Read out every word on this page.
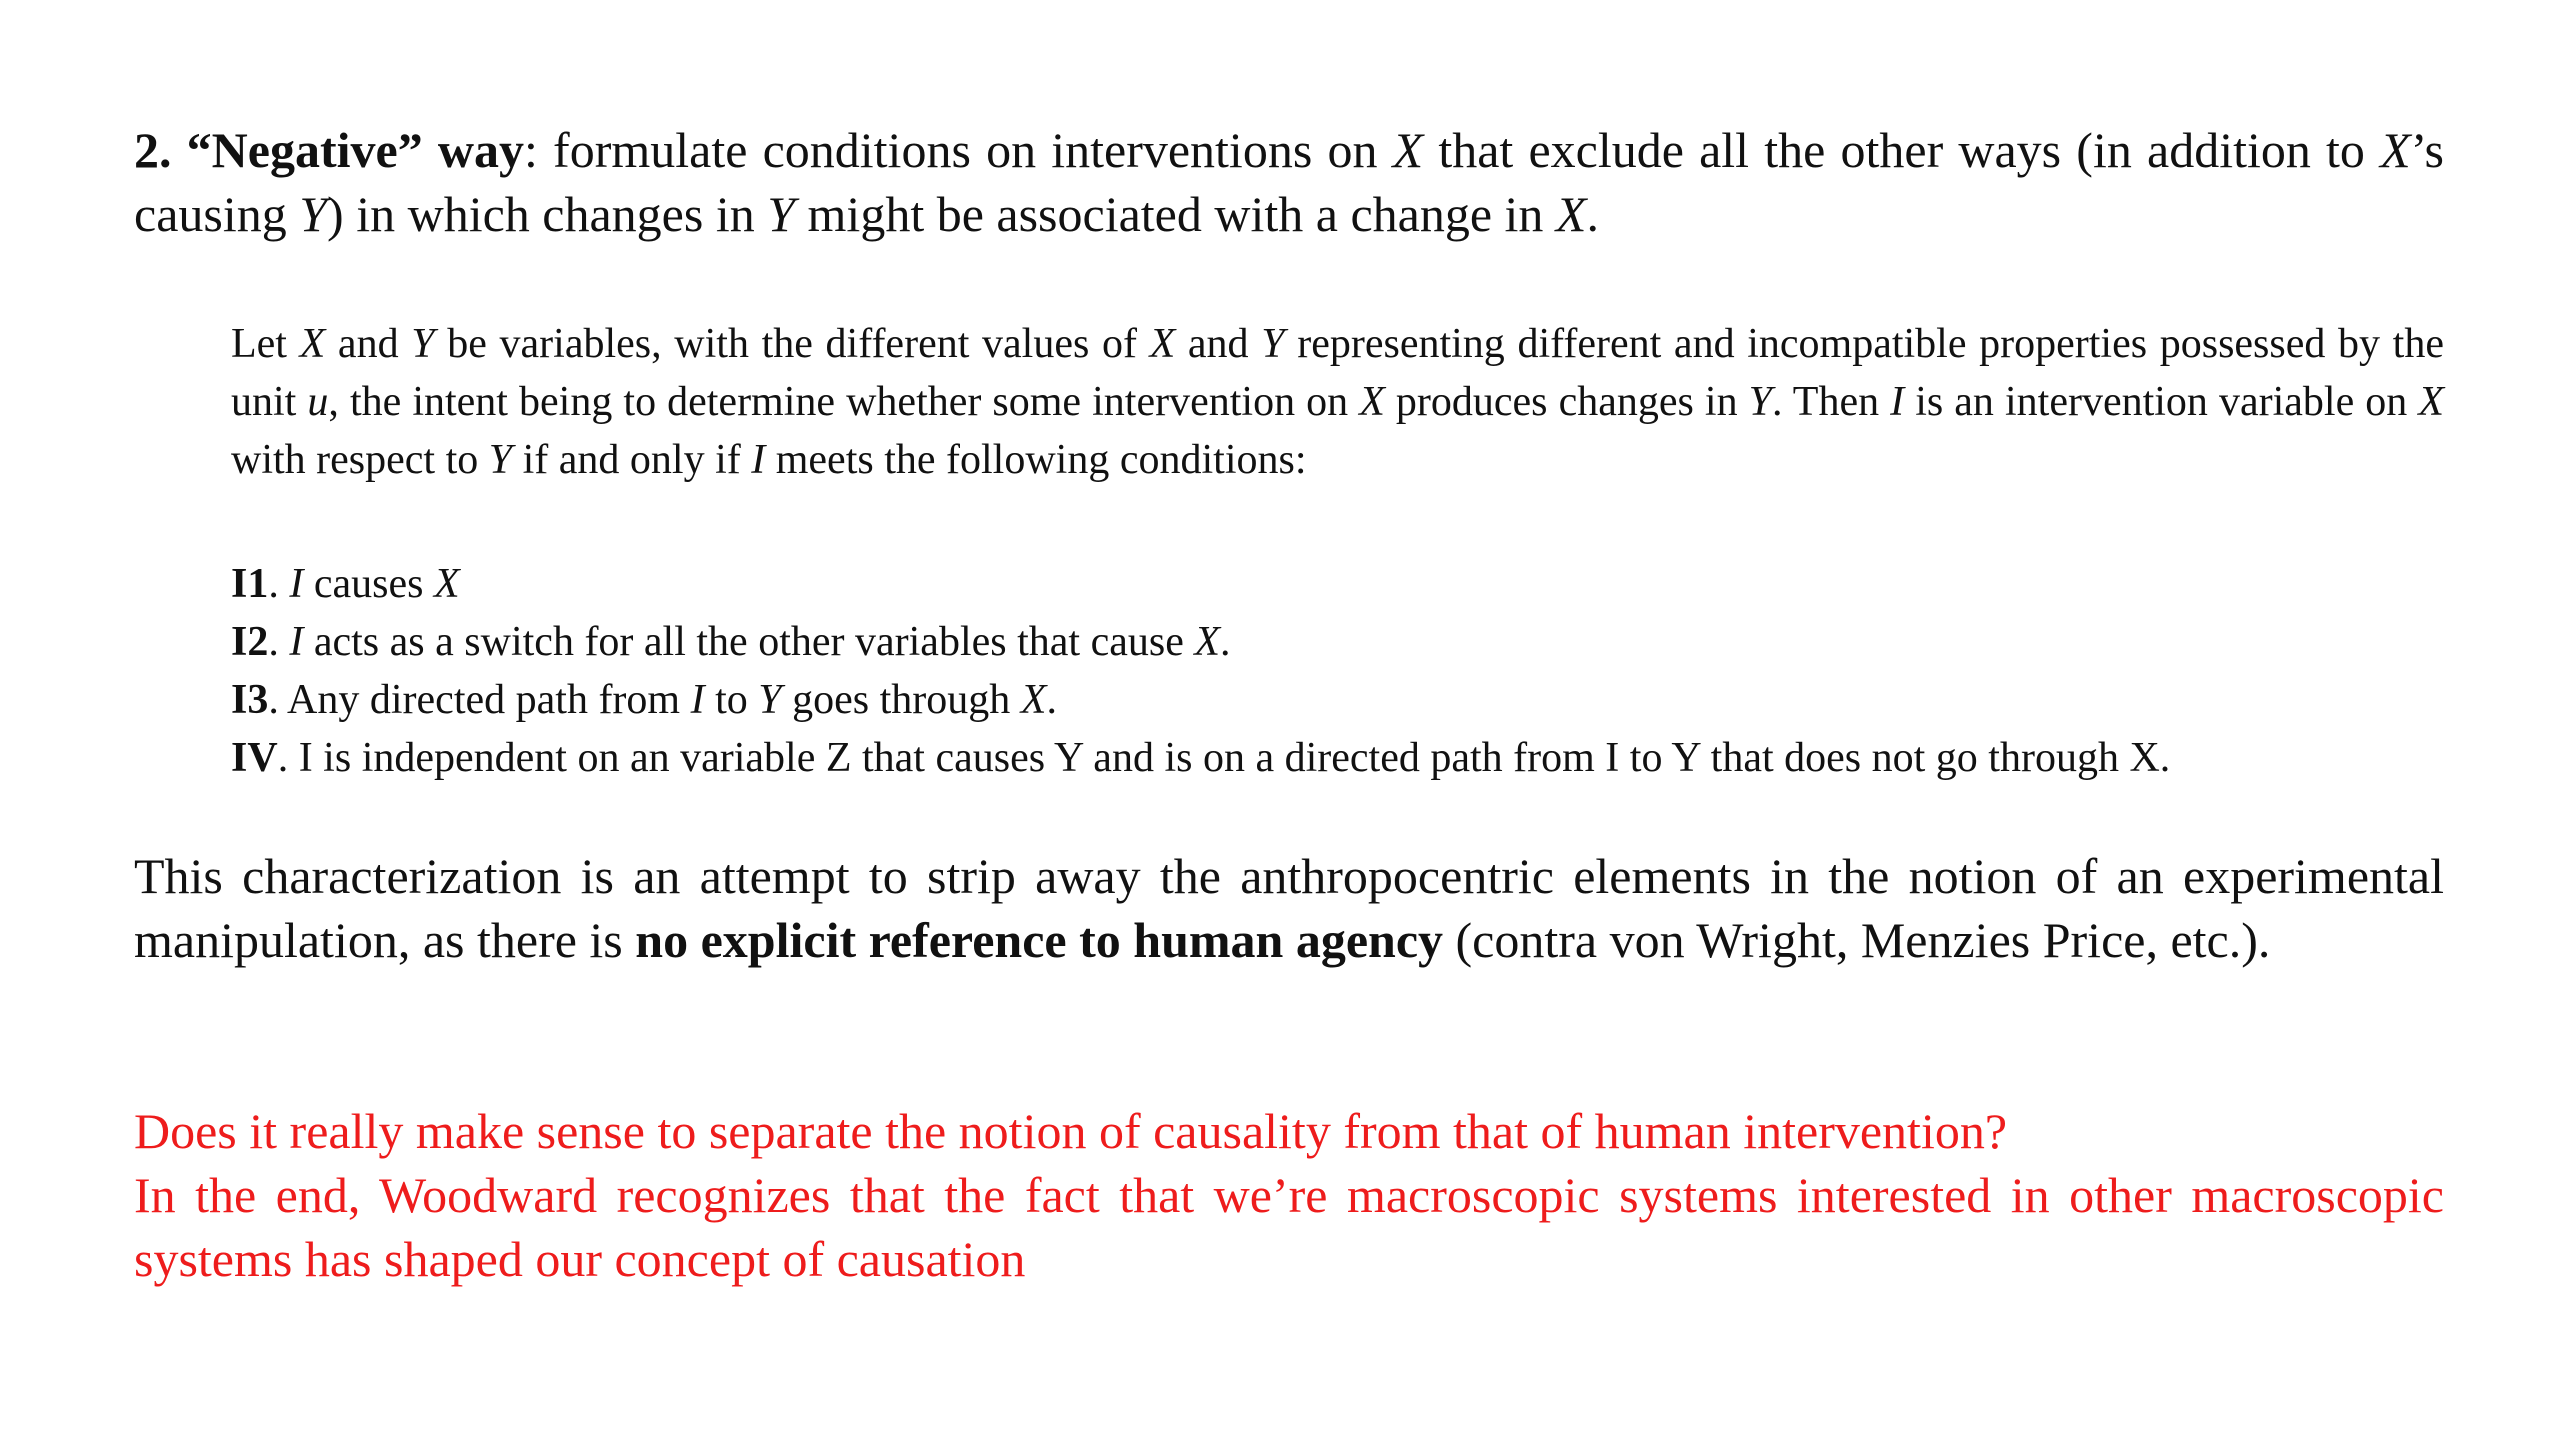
2. “Negative” way: formulate conditions on interventions on X that exclude all the other ways (in addition to X’s causing Y) in which changes in Y might be associated with a change in X.

Let X and Y be variables, with the different values of X and Y representing different and incompatible properties possessed by the unit u, the intent being to determine whether some intervention on X produces changes in Y. Then I is an intervention variable on X with respect to Y if and only if I meets the following conditions:

I1. I causes X
I2. I acts as a switch for all the other variables that cause X.
I3. Any directed path from I to Y goes through X.
IV. I is independent on an variable Z that causes Y and is on a directed path from I to Y that does not go through X.

This characterization is an attempt to strip away the anthropocentric elements in the notion of an experimental manipulation, as there is no explicit reference to human agency (contra von Wright, Menzies Price, etc.).

Does it really make sense to separate the notion of causality from that of human intervention?
In the end, Woodward recognizes that the fact that we’re macroscopic systems interested in other macroscopic
systems has shaped our concept of causation
